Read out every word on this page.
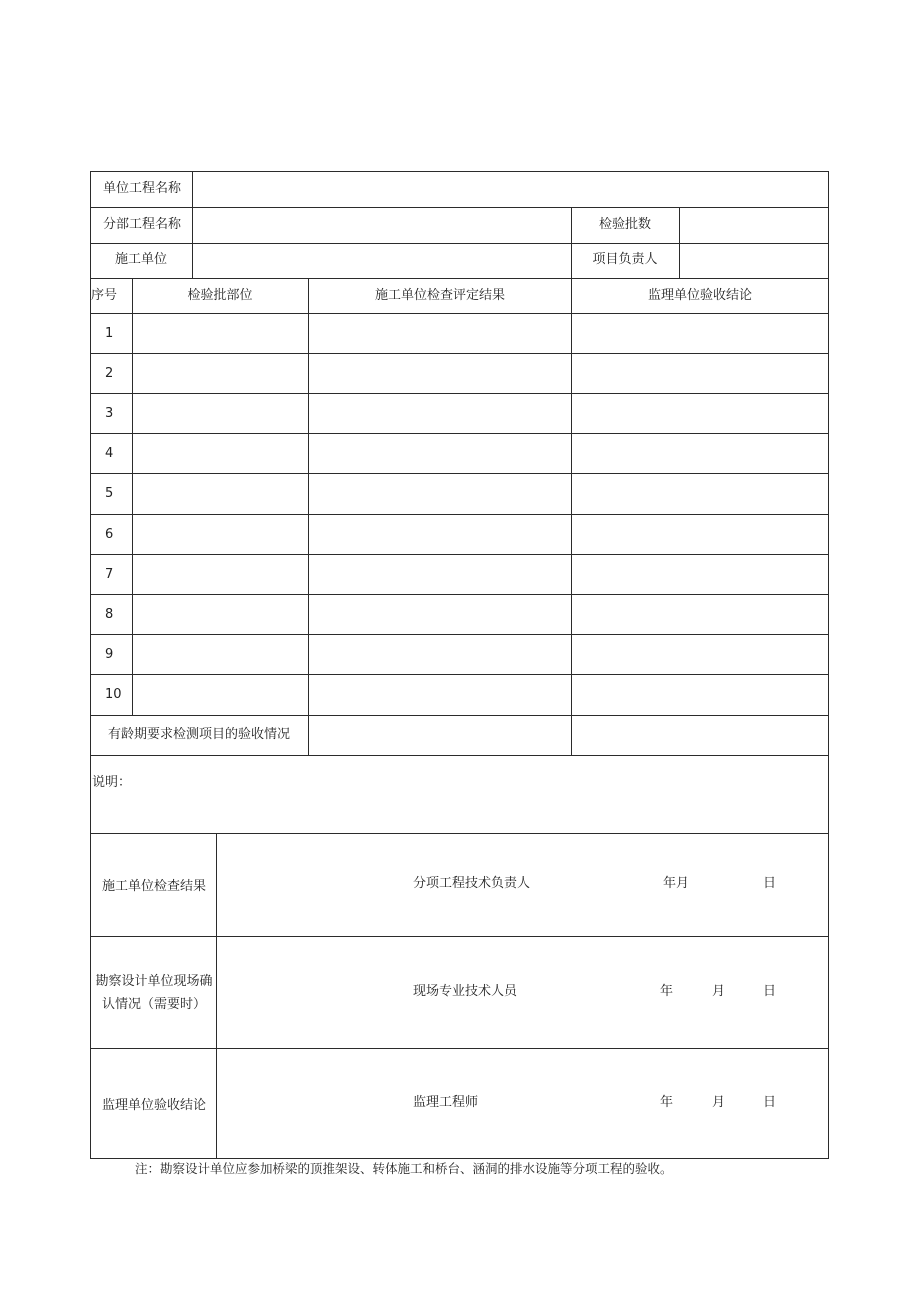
单位工程名称
分部工程名称	检验批数
施工单位	项目负责人
序号	检验批部位	施工单位检查评定结果	监理单位验收结论
1
2
3
4
5
6
7
8
9
10
有龄期要求检测项目的验收情况
说明：
施工单位检查结果	分项工程技术负责人	年月	日
勘察设计单位现场确
认情况（需要时）
现场专业技术人员	年	月	日
监理单位验收结论	监理工程师	年	月	日
注：勘察设计单位应参加桥梁的顶推架设、转体施工和桥台、涵洞的排水设施等分项工程的验收。
